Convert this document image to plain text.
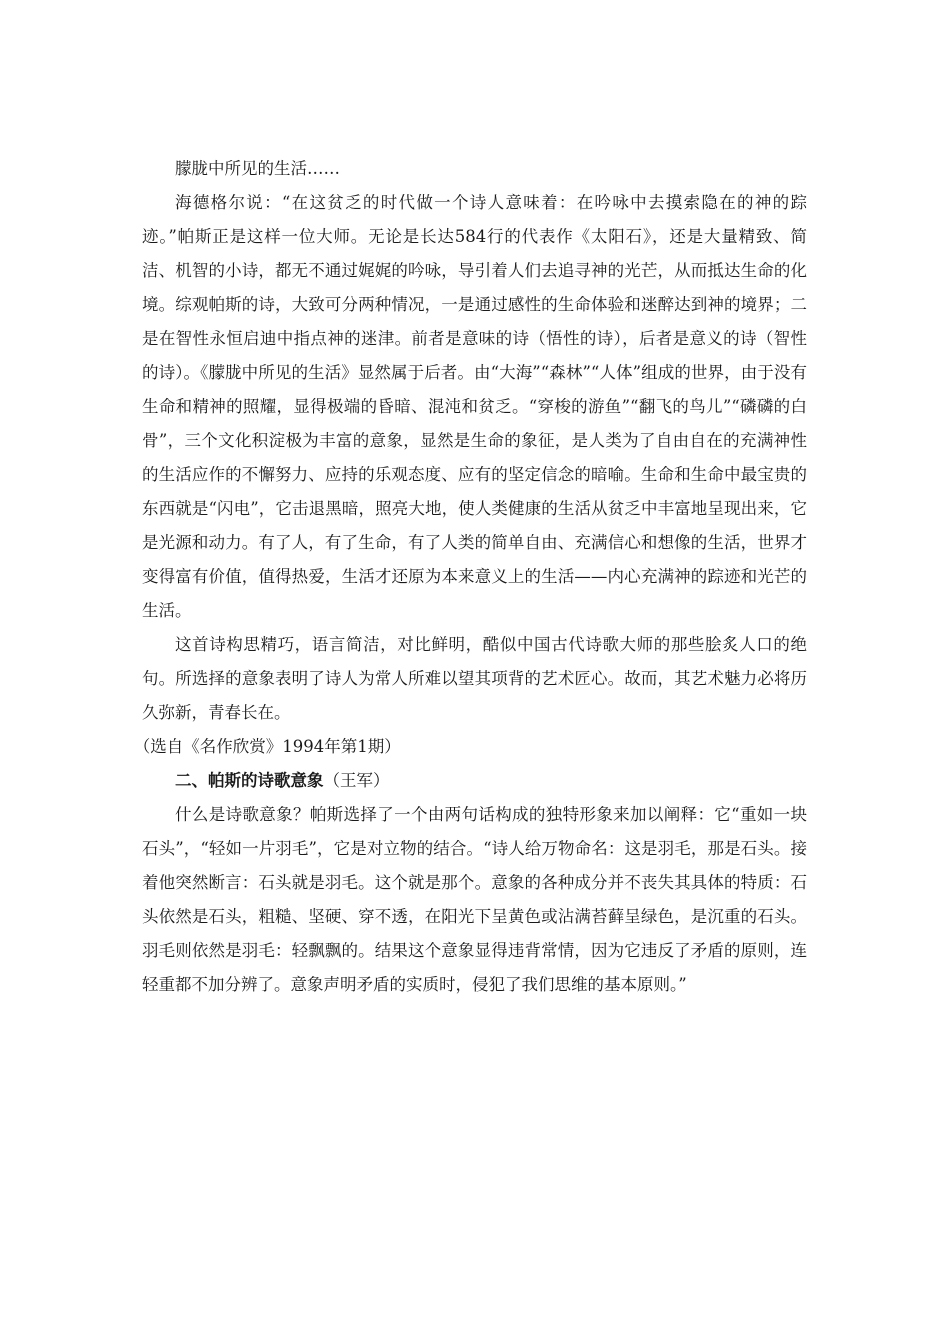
朦胧中所见的生活……

海德格尔说：“在这贫乏的时代做一个诗人意味着：在吟咏中去摸索隐在的神的踪迹。”帕斯正是这样一位大师。无论是长达584行的代表作《太阳石》，还是大量精致、简洁、机智的小诗，都无不通过娓娓的吟咏，导引着人们去追寻神的光芒，从而抵达生命的化境。综观帕斯的诗，大致可分两种情况，一是通过感性的生命体验和迷醉达到神的境界；二是在智性永恒启迪中指点神的迷津。前者是意味的诗（悟性的诗），后者是意义的诗（智性的诗）。《朦胧中所见的生活》显然属于后者。由“大海”“森林”“人体”组成的世界，由于没有生命和精神的照耀，显得极端的昏暗、混沌和贫乏。“穿梭的游鱼”“翻飞的鸟儿”“磷磷的白骨”，三个文化积淀极为丰富的意象，显然是生命的象征，是人类为了自由自在的充满神性的生活应作的不懈努力、应持的乐观态度、应有的坚定信念的暗喻。生命和生命中最宝贵的东西就是“闪电”，它击退黑暗，照亮大地，使人类健康的生活从贫乏中丰富地呈现出来，它是光源和动力。有了人，有了生命，有了人类的简单自由、充满信心和想像的生活，世界才变得富有价值，值得热爱，生活才还原为本来意义上的生活——内心充满神的踪迹和光芒的生活。

这首诗构思精巧，语言简洁，对比鲜明，酷似中国古代诗歌大师的那些脍炙人口的绝句。所选择的意象表明了诗人为常人所难以望其项背的艺术匠心。故而，其艺术魅力必将历久弥新，青春长在。

（选自《名作欣赏》1994年第1期）

二、帕斯的诗歌意象（王军）

什么是诗歌意象？帕斯选择了一个由两句话构成的独特形象来加以阐释：它“重如一块石头”，“轻如一片羽毛”，它是对立物的结合。“诗人给万物命名：这是羽毛，那是石头。接着他突然断言：石头就是羽毛。这个就是那个。意象的各种成分并不丧失其具体的特质：石头依然是石头，粗糙、坚硬、穿不透，在阳光下呈黄色或沾满苔藓呈绿色，是沉重的石头。羽毛则依然是羽毛：轻飘飘的。结果这个意象显得违背常情，因为它违反了矛盾的原则，连轻重都不加分辨了。意象声明矛盾的实质时，侵犯了我们思维的基本原则。”
